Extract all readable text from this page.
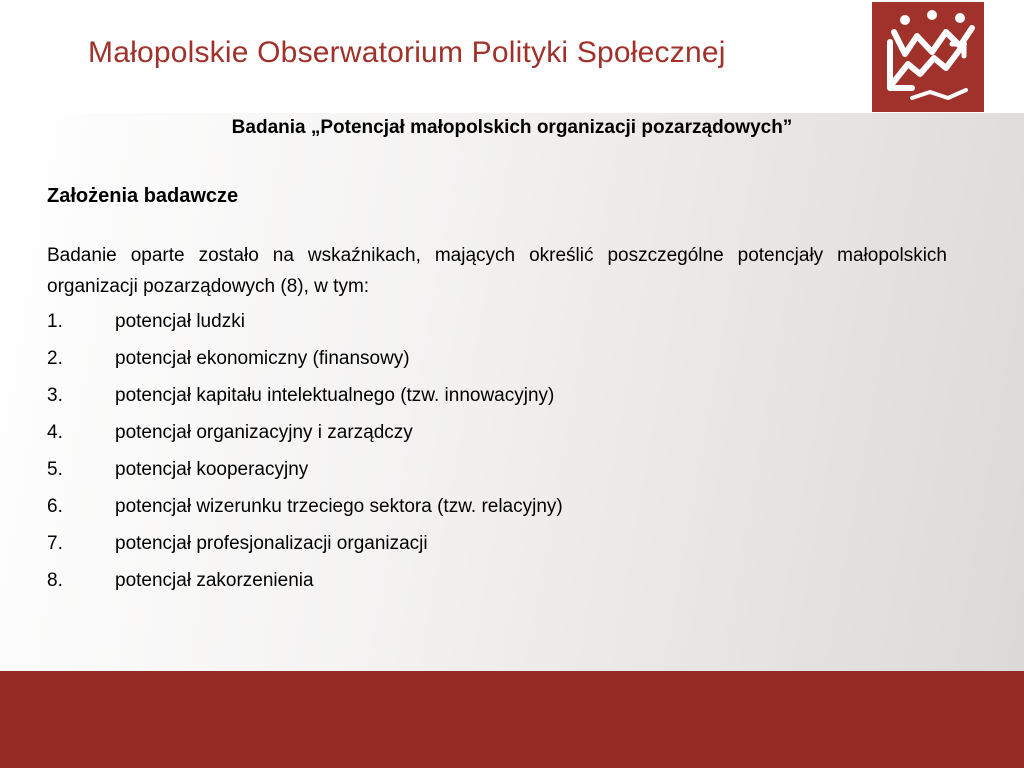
Małopolskie Obserwatorium Polityki Społecznej
Badania „Potencjał małopolskich organizacji pozarządowych”
Założenia badawcze
Badanie oparte zostało na wskaźnikach, mających określić poszczególne potencjały małopolskich organizacji pozarządowych (8), w tym:
1.	potencjał ludzki
2.	potencjał ekonomiczny (finansowy)
3.	potencjał kapitału intelektualnego (tzw. innowacyjny)
4.	potencjał organizacyjny i zarządczy
5.	potencjał kooperacyjny
6.	potencjał wizerunku trzeciego sektora (tzw. relacyjny)
7.	potencjał profesjonalizacji organizacji
8.	potencjał zakorzenienia
